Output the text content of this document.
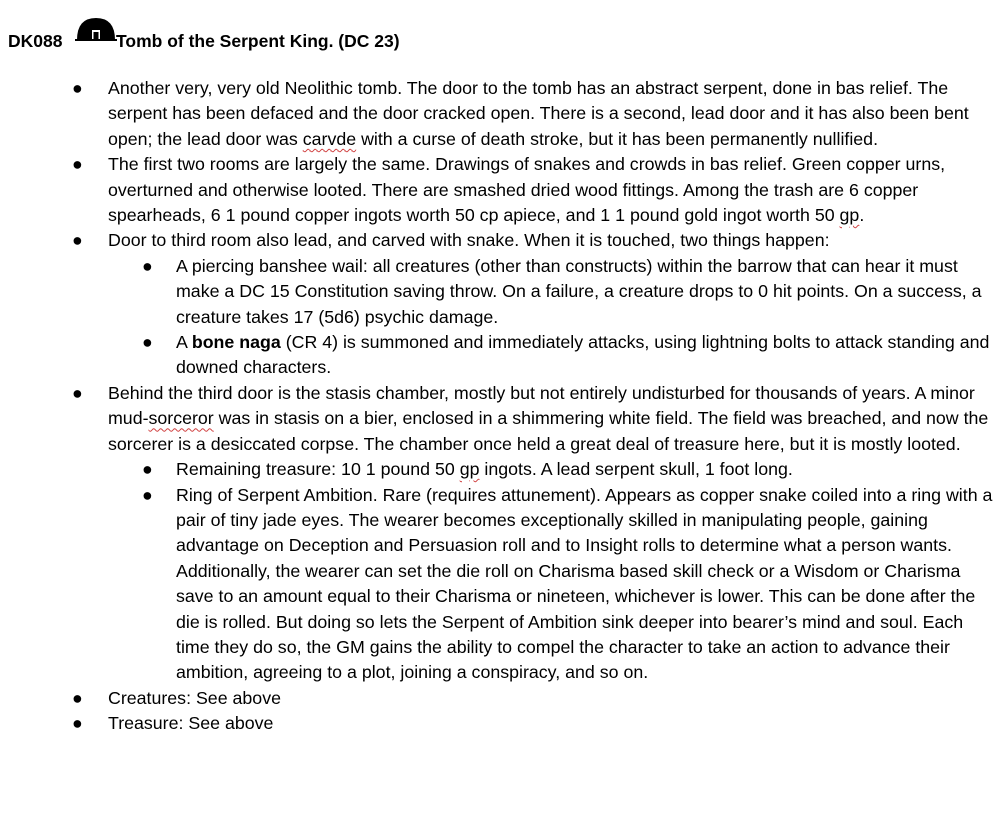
DK088	Tomb of the Serpent King. (DC 23)
● Another very, very old Neolithic tomb. The door to the tomb has an abstract serpent, done in bas relief. The serpent has been defaced and the door cracked open. There is a second, lead door and it has also been bent open; the lead door was carvde with a curse of death stroke, but it has been permanently nullified.
● The first two rooms are largely the same. Drawings of snakes and crowds in bas relief. Green copper urns, overturned and otherwise looted. There are smashed dried wood fittings. Among the trash are 6 copper spearheads, 6 1 pound copper ingots worth 50 cp apiece, and 1 1 pound gold ingot worth 50 gp.
● Door to third room also lead, and carved with snake. When it is touched, two things happen:
● A piercing banshee wail: all creatures (other than constructs) within the barrow that can hear it must make a DC 15 Constitution saving throw. On a failure, a creature drops to 0 hit points. On a success, a creature takes 17 (5d6) psychic damage.
● A bone naga (CR 4) is summoned and immediately attacks, using lightning bolts to attack standing and downed characters.
● Behind the third door is the stasis chamber, mostly but not entirely undisturbed for thousands of years. A minor mud-sorceror was in stasis on a bier, enclosed in a shimmering white field. The field was breached, and now the sorcerer is a desiccated corpse. The chamber once held a great deal of treasure here, but it is mostly looted.
● Remaining treasure: 10 1 pound 50 gp ingots. A lead serpent skull, 1 foot long.
● Ring of Serpent Ambition. Rare (requires attunement). Appears as copper snake coiled into a ring with a pair of tiny jade eyes. The wearer becomes exceptionally skilled in manipulating people, gaining advantage on Deception and Persuasion roll and to Insight rolls to determine what a person wants. Additionally, the wearer can set the die roll on Charisma based skill check or a Wisdom or Charisma save to an amount equal to their Charisma or nineteen, whichever is lower. This can be done after the die is rolled. But doing so lets the Serpent of Ambition sink deeper into bearer’s mind and soul. Each time they do so, the GM gains the ability to compel the character to take an action to advance their ambition, agreeing to a plot, joining a conspiracy, and so on.
● Creatures: See above
● Treasure: See above
